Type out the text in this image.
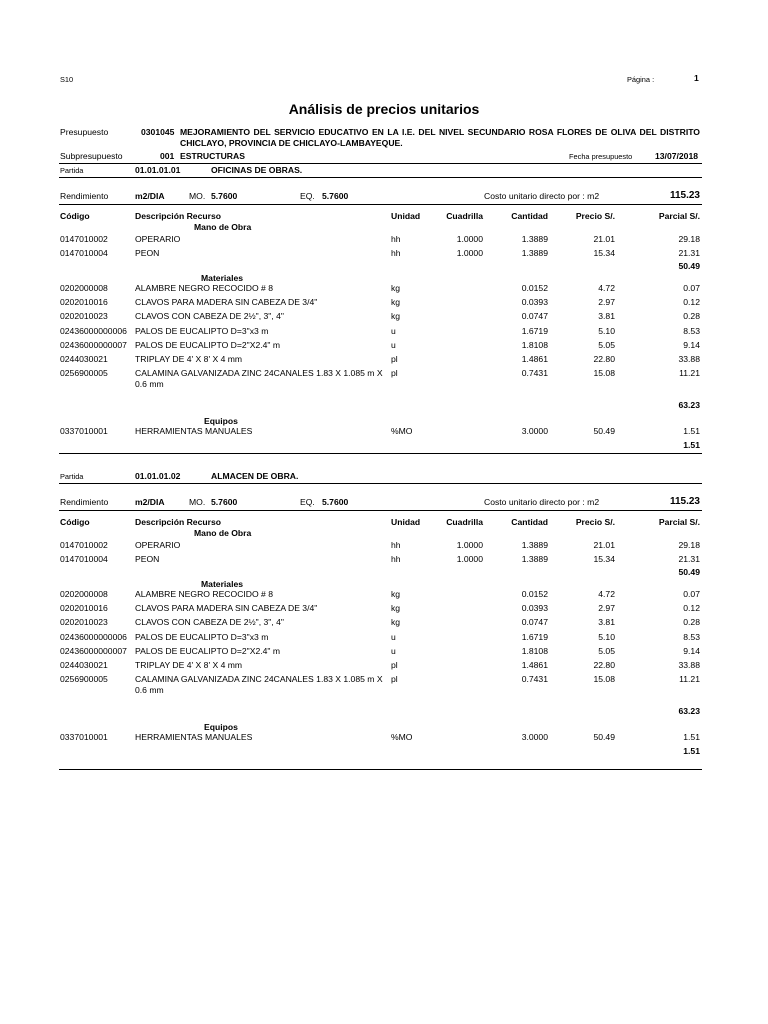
S10	Página :	1
Análisis de precios unitarios
Presupuesto	0301045 MEJORAMIENTO DEL SERVICIO EDUCATIVO EN LA I.E. DEL NIVEL SECUNDARIO ROSA FLORES DE OLIVA DEL DISTRITO
CHICLAYO, PROVINCIA DE CHICLAYO-LAMBAYEQUE.
Subpresupuesto	001 ESTRUCTURAS	Fecha presupuesto	13/07/2018
Partida	01.01.01.01	OFICINAS DE OBRAS.
Rendimiento	m2/DIA	MO. 5.7600	EQ. 5.7600	Costo unitario directo por : m2	115.23
Código	Descripción Recurso	Unidad	Cuadrilla	Cantidad	Precio S/.	Parcial S/.
Mano de Obra
0147010002	OPERARIO	hh	1.0000	1.3889	21.01	29.18
0147010004	PEON	hh	1.0000	1.3889	15.34	21.31
50.49
Materiales
0202000008	ALAMBRE NEGRO RECOCIDO # 8	kg	0.0152	4.72	0.07
0202010016	CLAVOS PARA MADERA SIN CABEZA DE 3/4"	kg	0.0393	2.97	0.12
0202010023	CLAVOS CON CABEZA DE 2½", 3", 4"	kg	0.0747	3.81	0.28
02436000000006 PALOS DE EUCALIPTO D=3"x3 m	u	1.6719	5.10	8.53
02436000000007 PALOS DE EUCALIPTO D=2"X2.4" m	u	1.8108	5.05	9.14
0244030021	TRIPLAY DE 4' X 8' X 4 mm	pl	1.4861	22.80	33.88
0256900005	CALAMINA GALVANIZADA ZINC 24CANALES 1.83 X 1.085 m X pl	0.7431	15.08	11.21
0.6 mm
63.23
Equipos
0337010001	HERRAMIENTAS MANUALES	%MO	3.0000	50.49	1.51
1.51
Partida	01.01.01.02	ALMACEN DE OBRA.
Rendimiento	m2/DIA	MO. 5.7600	EQ. 5.7600	Costo unitario directo por : m2	115.23
Código	Descripción Recurso	Unidad	Cuadrilla	Cantidad	Precio S/.	Parcial S/.
Mano de Obra
0147010002	OPERARIO	hh	1.0000	1.3889	21.01	29.18
0147010004	PEON	hh	1.0000	1.3889	15.34	21.31
50.49
Materiales
0202000008	ALAMBRE NEGRO RECOCIDO # 8	kg	0.0152	4.72	0.07
0202010016	CLAVOS PARA MADERA SIN CABEZA DE 3/4"	kg	0.0393	2.97	0.12
0202010023	CLAVOS CON CABEZA DE 2½", 3", 4"	kg	0.0747	3.81	0.28
02436000000006 PALOS DE EUCALIPTO D=3"x3 m	u	1.6719	5.10	8.53
02436000000007 PALOS DE EUCALIPTO D=2"X2.4" m	u	1.8108	5.05	9.14
0244030021	TRIPLAY DE 4' X 8' X 4 mm	pl	1.4861	22.80	33.88
0256900005	CALAMINA GALVANIZADA ZINC 24CANALES 1.83 X 1.085 m X pl	0.7431	15.08	11.21
0.6 mm
63.23
Equipos
0337010001	HERRAMIENTAS MANUALES	%MO	3.0000	50.49	1.51
1.51
